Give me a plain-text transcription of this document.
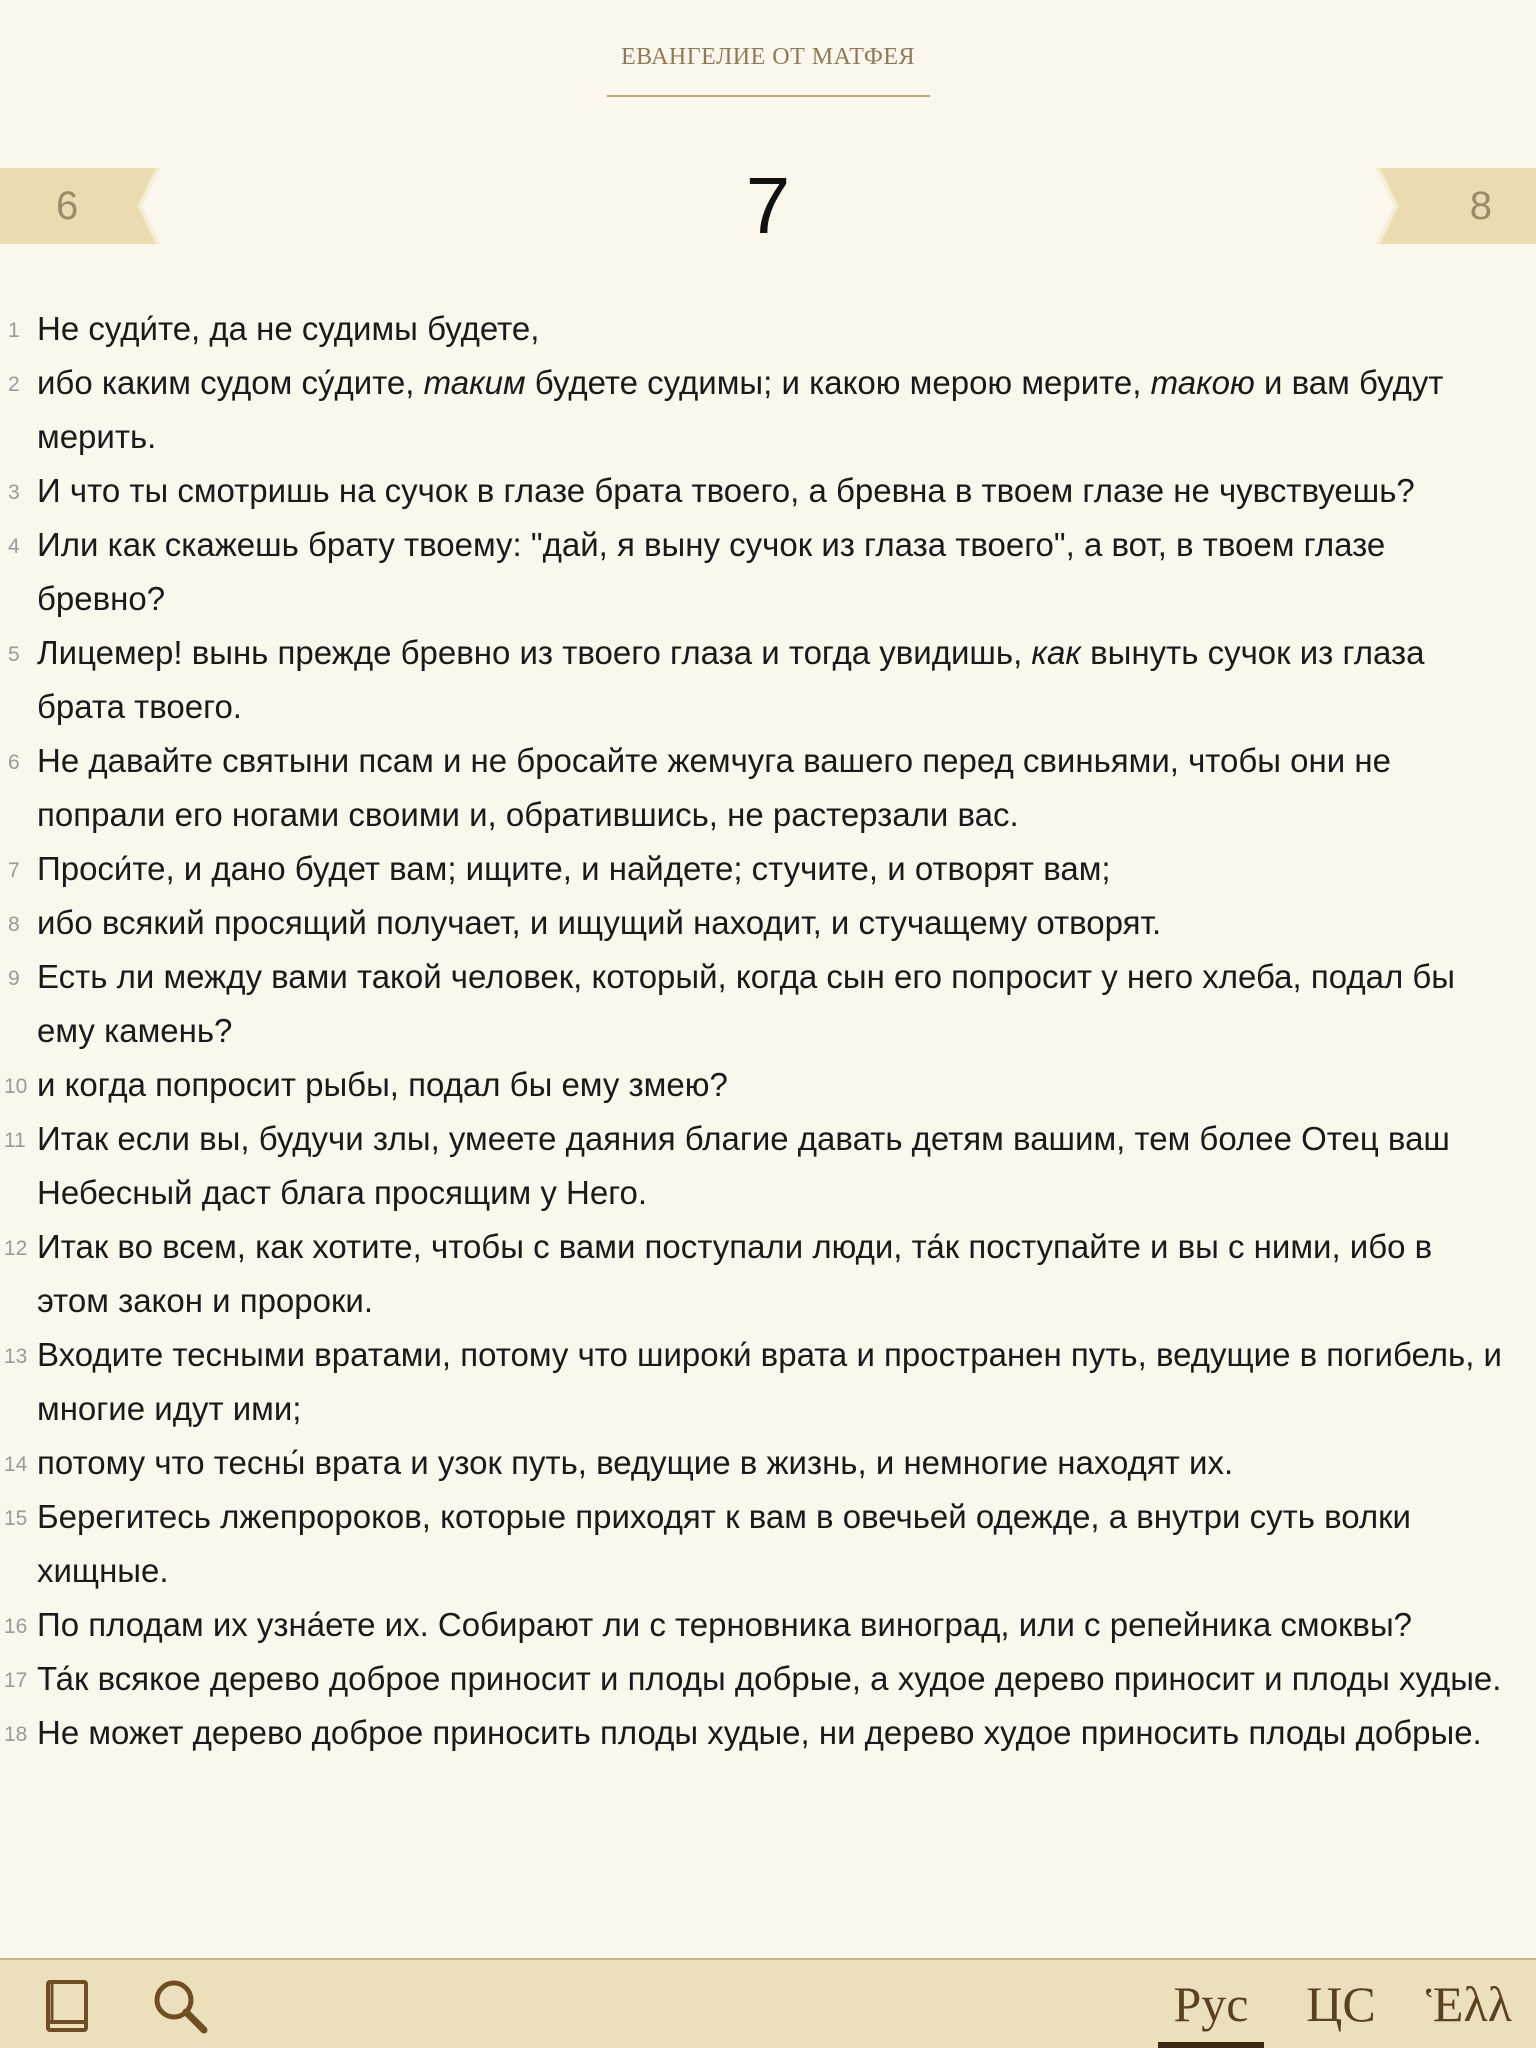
ЕВАНГЕЛИЕ ОТ МАТФЕЯ
6	7	8
1 Не суди́те, да не судимы будете,
2 ибо каким судом су́дите, таким будете судимы; и какою мерою мерите, такою и вам будут мерить.
3 И что ты смотришь на сучок в глазе брата твоего, а бревна в твоем глазе не чувствуешь?
4 Или как скажешь брату твоему: "дай, я выну сучок из глаза твоего", а вот, в твоем глазе бревно?
5 Лицемер! вынь прежде бревно из твоего глаза и тогда увидишь, как вынуть сучок из глаза брата твоего.
6 Не давайте святыни псам и не бросайте жемчуга вашего перед свиньями, чтобы они не попрали его ногами своими и, обратившись, не растерзали вас.
7 Проси́те, и дано будет вам; ищите, и найдете; стучите, и отворят вам;
8 ибо всякий просящий получает, и ищущий находит, и стучащему отворят.
9 Есть ли между вами такой человек, который, когда сын его попросит у него хлеба, подал бы ему камень?
10 и когда попросит рыбы, подал бы ему змею?
11 Итак если вы, будучи злы, умеете даяния благие давать детям вашим, тем более Отец ваш Небесный даст блага просящим у Него.
12 Итак во всем, как хотите, чтобы с вами поступали люди, та́к поступайте и вы с ними, ибо в этом закон и пророки.
13 Входите тесными вратами, потому что широки́ врата и пространен путь, ведущие в погибель, и многие идут ими;
14 потому что тесны́ врата и узок путь, ведущие в жизнь, и немногие находят их.
15 Берегитесь лжепророков, которые приходят к вам в овечьей одежде, а внутри суть волки хищные.
16 По плодам их узна́ете их. Собирают ли с терновника виноград, или с репейника смоквы?
17 Та́к всякое дерево доброе приносит и плоды добрые, а худое дерево приносит и плоды худые.
18 Не может дерево доброе приносить плоды худые, ни дерево худое приносить плоды добрые.
Рус	ЦС Ἑλλ
